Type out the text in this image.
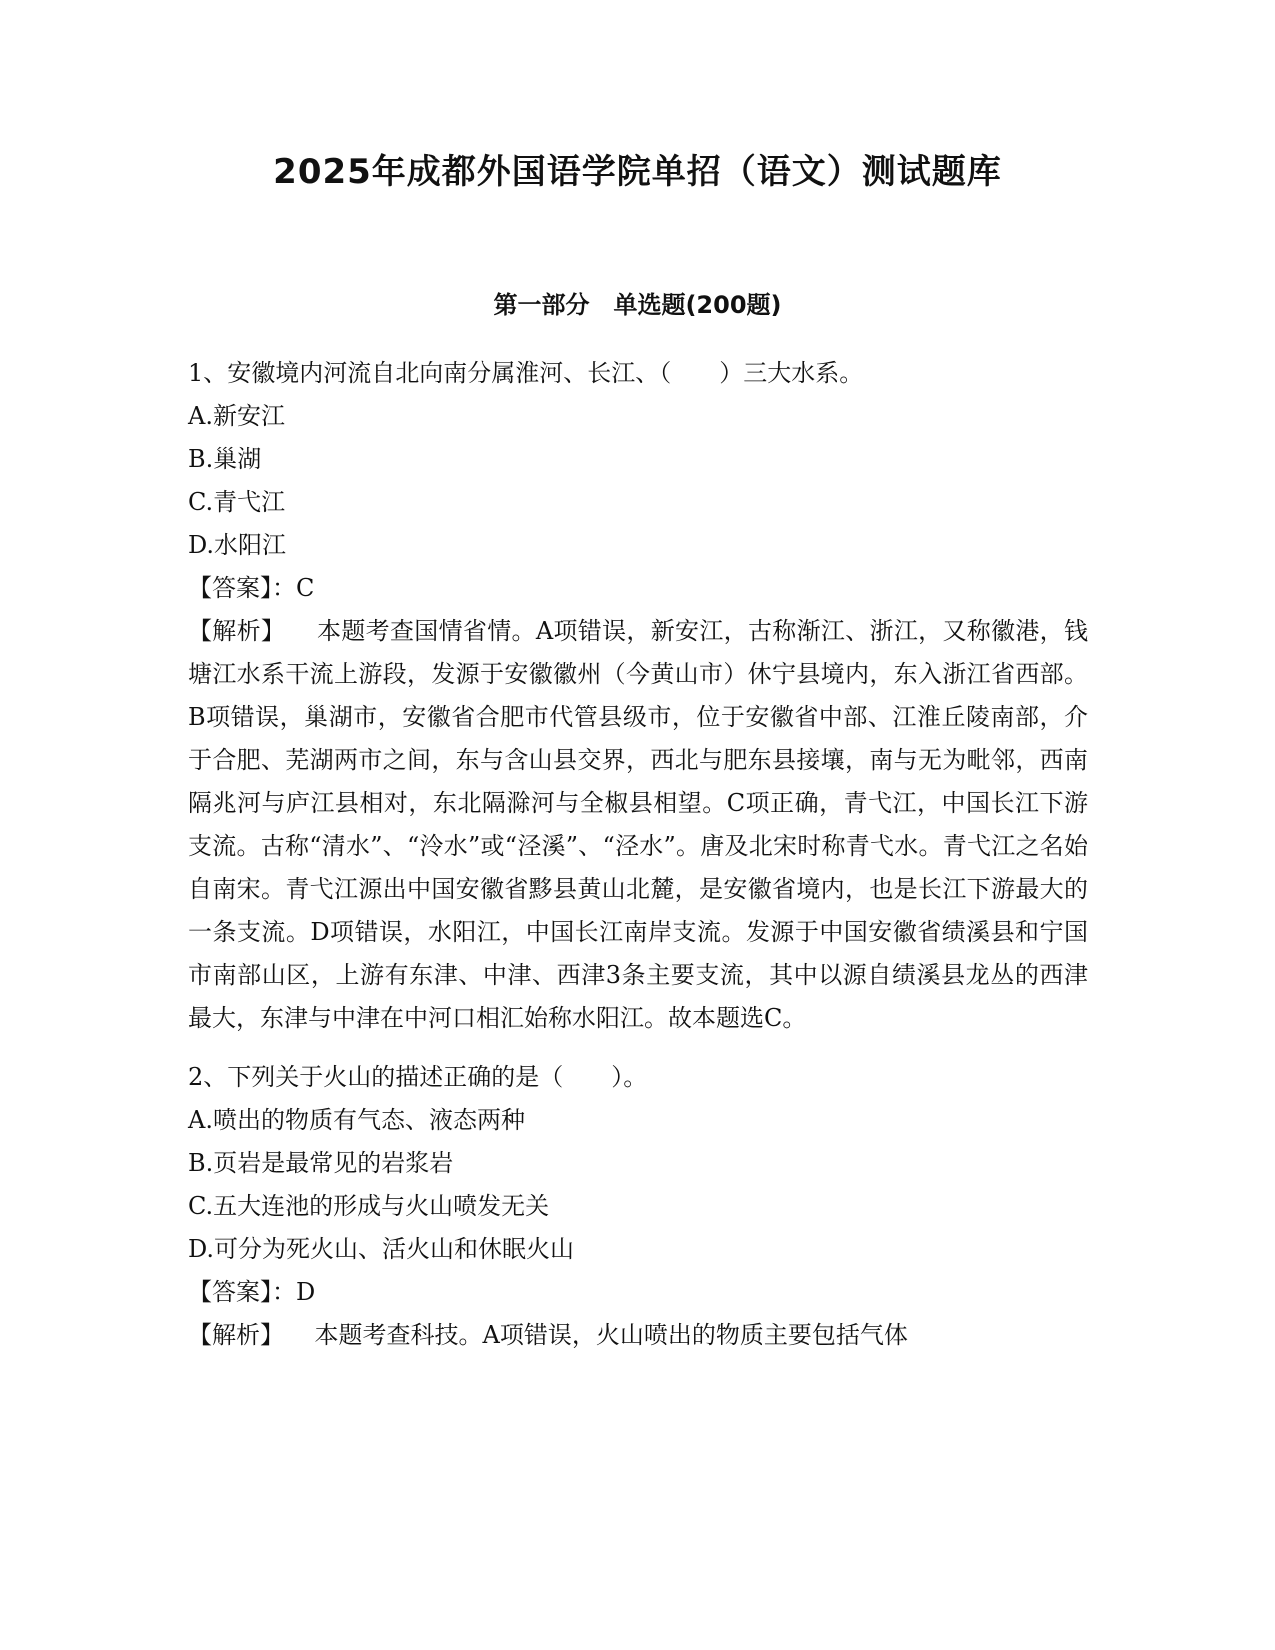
2025年成都外国语学院单招（语文）测试题库
第一部分　单选题(200题)

1、安徽境内河流自北向南分属淮河、长江、（　　）三大水系。

A.新安江

B.巢湖

C.青弋江

D.水阳江

【答案】：C

【解析】 本题考查国情省情。A项错误，新安江，古称渐江、浙江，又称徽港，钱塘江水系干流上游段，发源于安徽徽州（今黄山市）休宁县境内，东入浙江省西部。B项错误，巢湖市，安徽省合肥市代管县级市，位于安徽省中部、江淮丘陵南部，介于合肥、芜湖两市之间，东与含山县交界，西北与肥东县接壤，南与无为毗邻，西南隔兆河与庐江县相对，东北隔滁河与全椒县相望。C项正确，青弋江，中国长江下游支流。古称“清水”、“泠水”或“泾溪”、“泾水”。唐及北宋时称青弋水。青弋江之名始自南宋。青弋江源出中国安徽省黟县黄山北麓，是安徽省境内，也是长江下游最大的一条支流。D项错误，水阳江，中国长江南岸支流。发源于中国安徽省绩溪县和宁国市南部山区，上游有东津、中津、西津3条主要支流，其中以源自绩溪县龙丛的西津最大，东津与中津在中河口相汇始称水阳江。故本题选C。

2、下列关于火山的描述正确的是（　　）。

A.喷出的物质有气态、液态两种

B.页岩是最常见的岩浆岩

C.五大连池的形成与火山喷发无关

D.可分为死火山、活火山和休眠火山

【答案】：D

【解析】 本题考查科技。A项错误，火山喷出的物质主要包括气体
